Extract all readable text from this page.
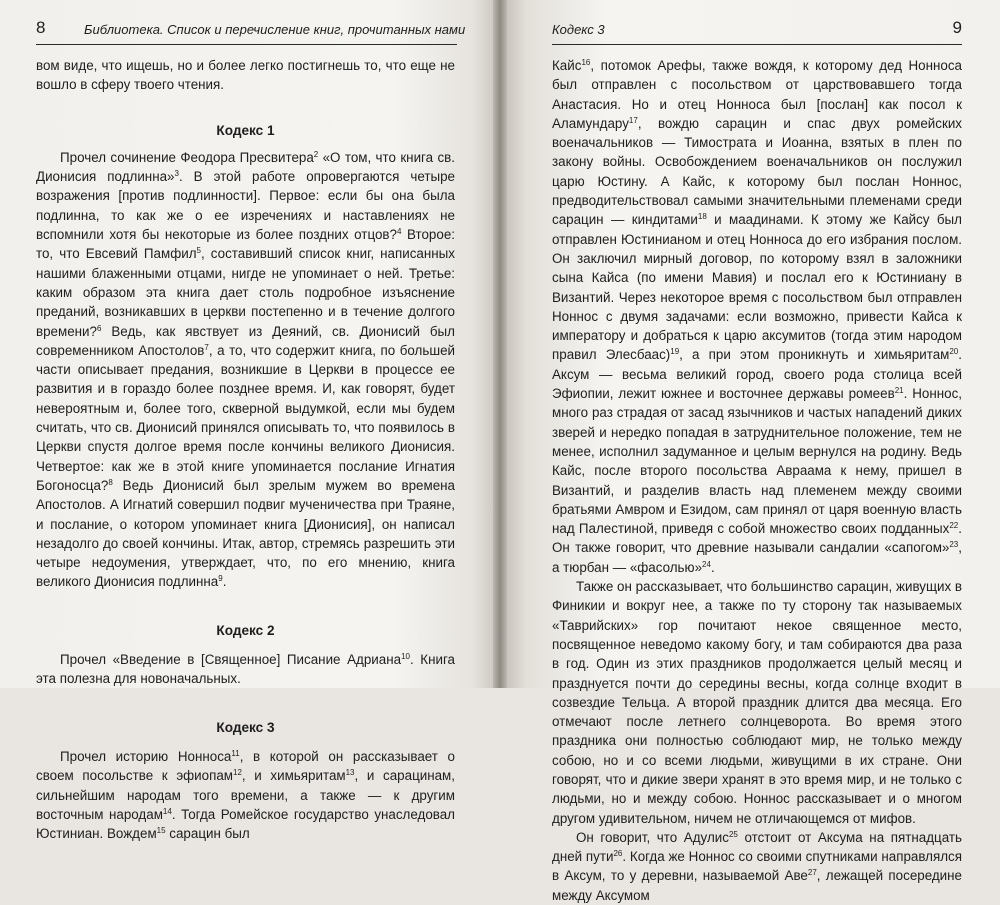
8	Библиотека. Список и перечисление книг, прочитанных нами

вом виде, что ищешь, но и более легко постигнешь то, что еще не вошло в сферу твоего чтения.

Кодекс 1

Прочел сочинение Феодора Пресвитера$^2$ «О том, что книга св. Дионисия подлинна»$^3$. В этой работе опровергаются четыре возражения [против подлинности]. Первое: если бы она была подлинна, то как же о ее изречениях и наставлениях не вспомнили хотя бы некоторые из более поздних отцов?$^4$ Второе: то, что Евсевий Памфил$^5$, составивший список книг, написанных нашими блаженными отцами, нигде не упоминает о ней. Третье: каким образом эта книга дает столь подробное изъяснение преданий, возникавших в церкви постепенно и в течение долгого времени?$^6$ Ведь, как явствует из Деяний, св. Дионисий был современником Апостолов$^7$, а то, что содержит книга, по большей части описывает предания, возникшие в Церкви в процессе ее развития и в гораздо более позднее время. И, как говорят, будет невероятным и, более того, скверной выдумкой, если мы будем считать, что св. Дионисий принялся описывать то, что появилось в Церкви спустя долгое время после кончины великого Дионисия. Четвертое: как же в этой книге упоминается послание Игнатия Богоносца?$^8$ Ведь Дионисий был зрелым мужем во времена Апостолов. А Игнатий совершил подвиг мученичества при Траяне, и послание, о котором упоминает книга [Дионисия], он написал незадолго до своей кончины. Итак, автор, стремясь разрешить эти четыре недоумения, утверждает, что, по его мнению, книга великого Дионисия подлинна$^9$.

Кодекс 2

Прочел «Введение в [Священное] Писание Адриана$^{10}$. Книга эта полезна для новоначальных.

Кодекс 3

Прочел историю Нонноса$^{11}$, в которой он рассказывает о своем посольстве к эфиопам$^{12}$, и химьяритам$^{13}$, и сарацинам, сильнейшим народам того времени, а также — к другим восточным народам$^{14}$. Тогда Ромейское государство унаследовал Юстиниан. Вождем$^{15}$ сарацин был

Кодекс 3	9

Кайс$^{16}$, потомок Арефы, также вождя, к которому дед Нонноса был отправлен с посольством от царствовавшего тогда Анастасия. Но и отец Нонноса был [послан] как посол к Аламундару$^{17}$, вождю сарацин и спас двух ромейских военачальников — Тимострата и Иоанна, взятых в плен по закону войны. Освобождением военачальников он послужил царю Юстину. А Кайс, к которому был послан Ноннос, предводительствовал самыми значительными племенами среди сарацин — киндитами$^{18}$ и маадинами. К этому же Кайсу был отправлен Юстинианом и отец Нонноса до его избрания послом. Он заключил мирный договор, по которому взял в заложники сына Кайса (по имени Мавия) и послал его к Юстиниану в Византий. Через некоторое время с посольством был отправлен Ноннос с двумя задачами: если возможно, привести Кайса к императору и добраться к царю аксумитов (тогда этим народом правил Элесбаас)$^{19}$, а при этом проникнуть и химьяритам$^{20}$. Аксум — весьма великий город, своего рода столица всей Эфиопии, лежит южнее и восточнее державы ромеев$^{21}$. Ноннос, много раз страдая от засад язычников и частых нападений диких зверей и нередко попадая в затруднительное положение, тем не менее, исполнил задуманное и целым вернулся на родину. Ведь Кайс, после второго посольства Авраама к нему, пришел в Византий, и разделив власть над племенем между своими братьями Амвром и Езидом, сам принял от царя военную власть над Палестиной, приведя с собой множество своих подданных$^{22}$. Он также говорит, что древние называли сандалии «сапогом»$^{23}$, а тюрбан — «фасолью»$^{24}$.

Также он рассказывает, что большинство сарацин, живущих в Финикии и вокруг нее, а также по ту сторону так называемых «Таврийских» гор почитают некое священное место, посвященное неведомо какому богу, и там собираются два раза в год. Один из этих праздников продолжается целый месяц и празднуется почти до середины весны, когда солнце входит в созвездие Тельца. А второй праздник длится два месяца. Его отмечают после летнего солнцеворота. Во время этого праздника они полностью соблюдают мир, не только между собою, но и со всеми людьми, живущими в их стране. Они говорят, что и дикие звери хранят в это время мир, и не только с людьми, но и между собою. Ноннос рассказывает и о многом другом удивительном, ничем не отличающемся от мифов.

Он говорит, что Адулис$^{25}$ отстоит от Аксума на пятнадцать дней пути$^{26}$. Когда же Ноннос со своими спутниками направлялся в Аксум, то у деревни, называемой Аве$^{27}$, лежащей посередине между Аксумом
